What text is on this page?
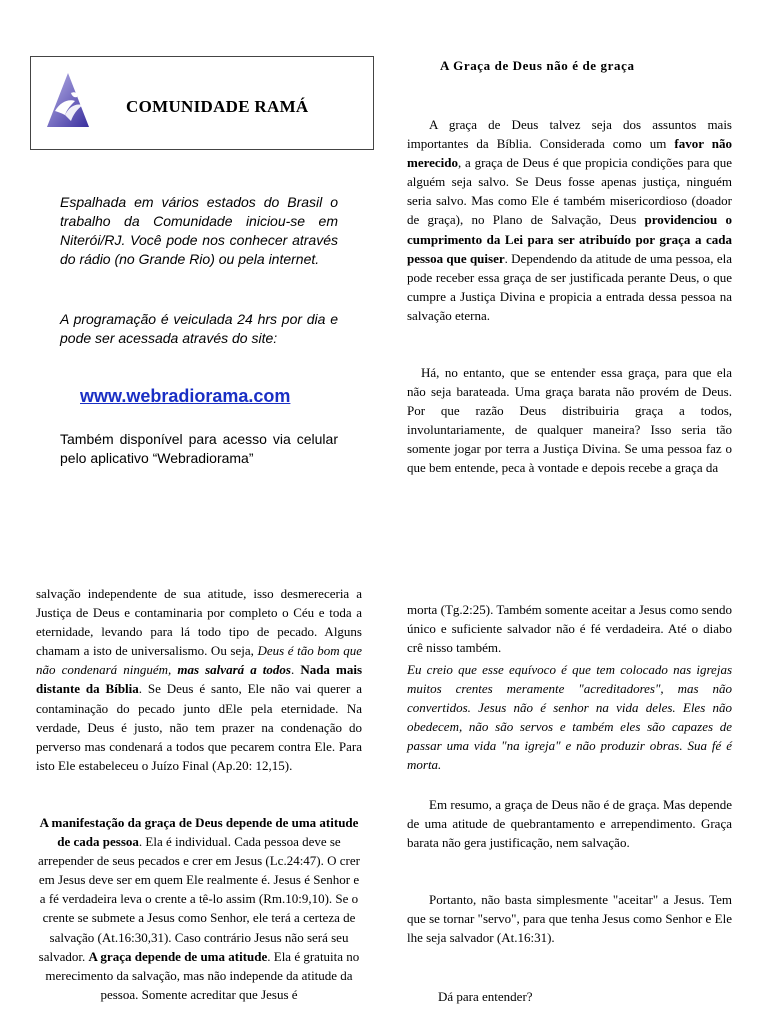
COMUNIDADE RAMÁ
Espalhada em vários estados do Brasil o trabalho da Comunidade iniciou-se em Niterói/RJ. Você pode nos conhecer através do rádio (no Grande Rio) ou pela internet.
A programação é veiculada 24 hrs por dia e pode ser acessada através do site:
www.webradiorama.com
Também disponível para acesso via celular pelo aplicativo “Webradiorama”
A Graça de Deus não é de graça
A graça de Deus talvez seja dos assuntos mais importantes da Bíblia. Considerada como um favor não merecido, a graça de Deus é que propicia condições para que alguém seja salvo. Se Deus fosse apenas justiça, ninguém seria salvo. Mas como Ele é também misericordioso (doador de graça), no Plano de Salvação, Deus providenciou o cumprimento da Lei para ser atribuído por graça a cada pessoa que quiser. Dependendo da atitude de uma pessoa, ela pode receber essa graça de ser justificada perante Deus, o que cumpre a Justiça Divina e propicia a entrada dessa pessoa na salvação eterna.
Há, no entanto, que se entender essa graça, para que ela não seja barateada. Uma graça barata não provém de Deus. Por que razão Deus distribuiria graça a todos, involuntariamente, de qualquer maneira? Isso seria tão somente jogar por terra a Justiça Divina. Se uma pessoa faz o que bem entende, peca à vontade e depois recebe a graça da
salvação independente de sua atitude, isso desmereceria a Justiça de Deus e contaminaria por completo o Céu e toda a eternidade, levando para lá todo tipo de pecado. Alguns chamam a isto de universalismo. Ou seja, Deus é tão bom que não condenará ninguém, mas salvará a todos. Nada mais distante da Bíblia. Se Deus é santo, Ele não vai querer a contaminação do pecado junto dEle pela eternidade. Na verdade, Deus é justo, não tem prazer na condenação do perverso mas condenará a todos que pecarem contra Ele. Para isto Ele estabeleceu o Juízo Final (Ap.20: 12,15).
A manifestação da graça de Deus depende de uma atitude de cada pessoa. Ela é individual. Cada pessoa deve se arrepender de seus pecados e crer em Jesus (Lc.24:47). O crer em Jesus deve ser em quem Ele realmente é. Jesus é Senhor e a fé verdadeira leva o crente a tê-lo assim (Rm.10:9,10). Se o crente se submete a Jesus como Senhor, ele terá a certeza de salvação (At.16:30,31). Caso contrário Jesus não será seu salvador. A graça depende de uma atitude. Ela é gratuita no merecimento da salvação, mas não independe da atitude da pessoa. Somente acreditar que Jesus é
morta (Tg.2:25). Também somente aceitar a Jesus como sendo único e suficiente salvador não é fé verdadeira. Até o diabo crê nisso também.
Eu creio que esse equívoco é que tem colocado nas igrejas muitos crentes meramente "acreditadores", mas não convertidos. Jesus não é senhor na vida deles. Eles não obedecem, não são servos e também eles são capazes de passar uma vida "na igreja" e não produzir obras. Sua fé é morta.
Em resumo, a graça de Deus não é de graça. Mas depende de uma atitude de quebrantamento e arrependimento. Graça barata não gera justificação, nem salvação.
Portanto, não basta simplesmente "aceitar" a Jesus. Tem que se tornar "servo", para que tenha Jesus como Senhor e Ele lhe seja salvador (At.16:31).
Dá para entender?
